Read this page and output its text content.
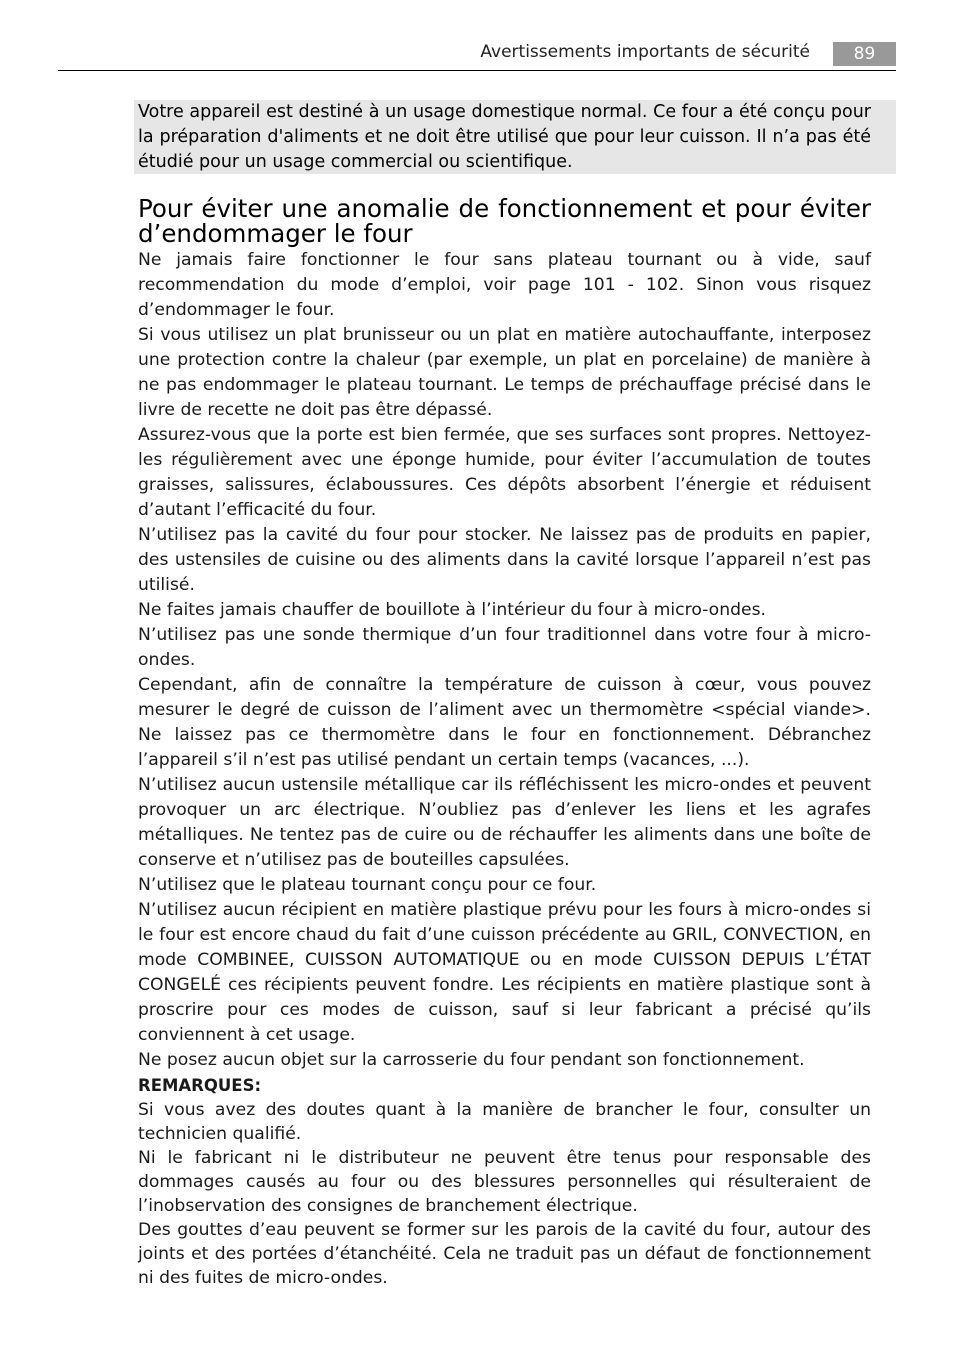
Avertissements importants de sécurité	89
Votre appareil est destiné à un usage domestique normal. Ce four a été conçu pour la préparation d'aliments et ne doit être utilisé que pour leur cuisson. Il n’a pas été étudié pour un usage commercial ou scientifique.
Pour éviter une anomalie de fonctionnement et pour éviter d’endommager le four

Ne jamais faire fonctionner le four sans plateau tournant ou à vide, sauf recommendation du mode d’emploi, voir page 101 - 102. Sinon vous risquez d’endommager le four.

Si vous utilisez un plat brunisseur ou un plat en matière autochauffante, interposez une protection contre la chaleur (par exemple, un plat en porcelaine) de manière à ne pas endommager le plateau tournant. Le temps de préchauffage précisé dans le livre de recette ne doit pas être dépassé.

Assurez-vous que la porte est bien fermée, que ses surfaces sont propres. Nettoyez-les régulièrement avec une éponge humide, pour éviter l’accumulation de toutes graisses, salissures, éclaboussures. Ces dépôts absorbent l’énergie et réduisent d’autant l’efficacité du four.

N’utilisez pas la cavité du four pour stocker. Ne laissez pas de produits en papier, des ustensiles de cuisine ou des aliments dans la cavité lorsque l’appareil n’est pas utilisé.

Ne faites jamais chauffer de bouillote à l’intérieur du four à micro-ondes.

N’utilisez pas une sonde thermique d’un four traditionnel dans votre four à micro-ondes.

Cependant, afin de connaître la température de cuisson à cœur, vous pouvez mesurer le degré de cuisson de l’aliment avec un thermomètre <spécial viande>. Ne laissez pas ce thermomètre dans le four en fonctionnement. Débranchez l’appareil s’il n’est pas utilisé pendant un certain temps (vacances, ...).

N’utilisez aucun ustensile métallique car ils réfléchissent les micro-ondes et peuvent provoquer un arc électrique. N’oubliez pas d’enlever les liens et les agrafes métalliques. Ne tentez pas de cuire ou de réchauffer les aliments dans une boîte de conserve et n’utilisez pas de bouteilles capsulées.

N’utilisez que le plateau tournant conçu pour ce four.

N’utilisez aucun récipient en matière plastique prévu pour les fours à micro-ondes si le four est encore chaud du fait d’une cuisson précédente au GRIL, CONVECTION, en mode COMBINEE, CUISSON AUTOMATIQUE ou en mode CUISSON DEPUIS L’ÉTAT CONGELÉ ces récipients peuvent fondre. Les récipients en matière plastique sont à proscrire pour ces modes de cuisson, sauf si leur fabricant a précisé qu’ils conviennent à cet usage.

Ne posez aucun objet sur la carrosserie du four pendant son fonctionnement.

REMARQUES:

Si vous avez des doutes quant à la manière de brancher le four, consulter un technicien qualifié.

Ni le fabricant ni le distributeur ne peuvent être tenus pour responsable des dommages causés au four ou des blessures personnelles qui résulteraient de l’inobservation des consignes de branchement électrique.

Des gouttes d’eau peuvent se former sur les parois de la cavité du four, autour des joints et des portées d’étanchéité. Cela ne traduit pas un défaut de fonctionnement ni des fuites de micro-ondes.
